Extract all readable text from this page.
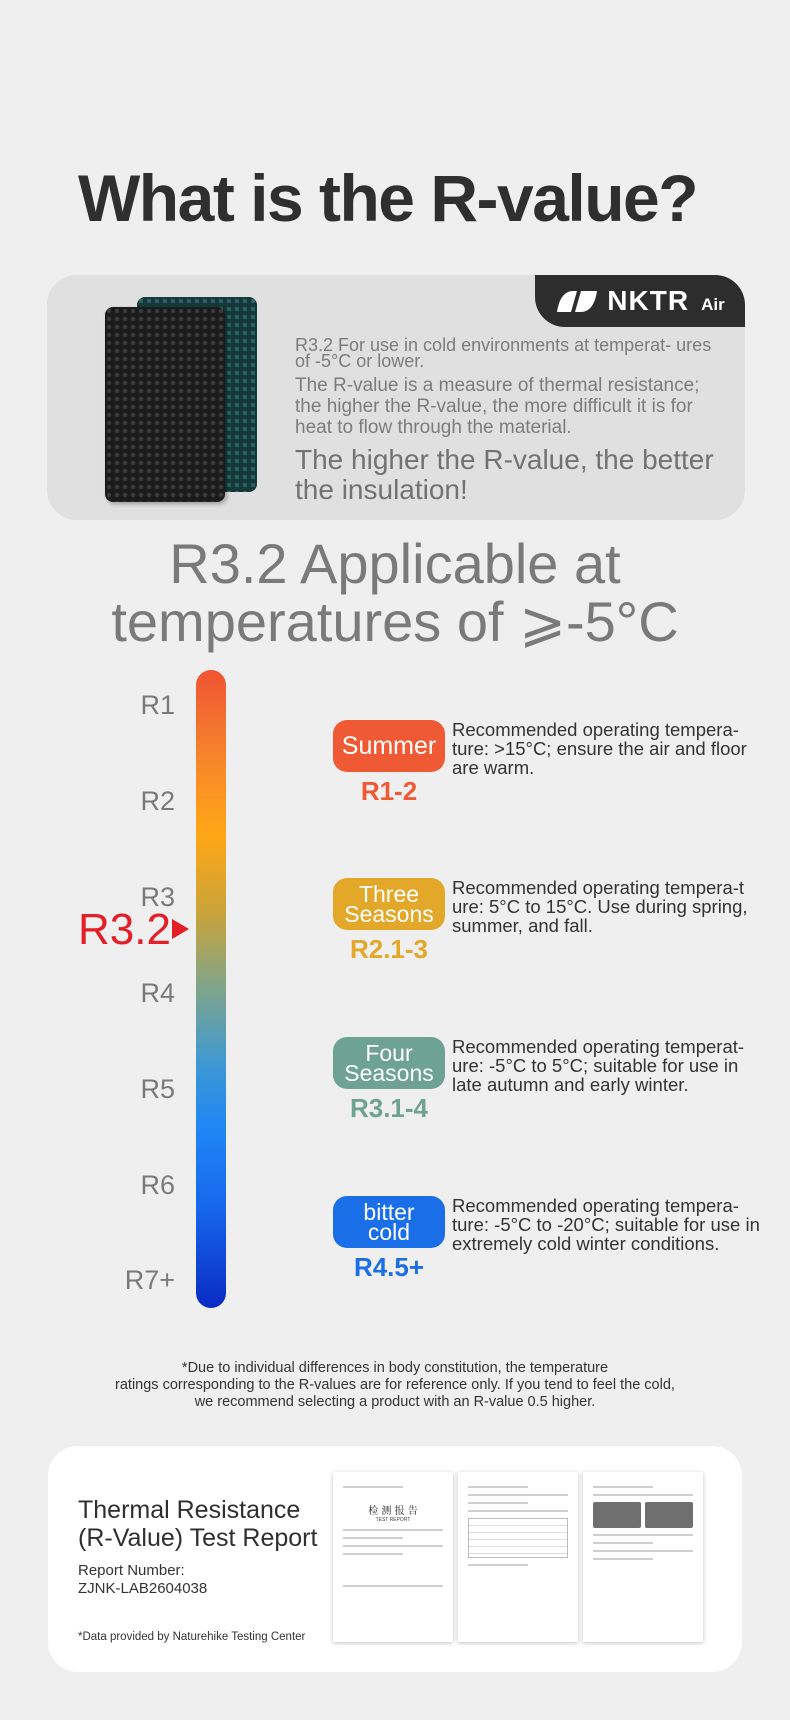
What is the R-value?
NKTR Air
R3.2 For use in cold environments at temperat- ures of -5°C or lower.
The R-value is a measure of thermal resistance; the higher the R-value, the more difficult it is for heat to flow through the material.
The higher the R-value, the better the insulation!
R3.2 Applicable at
temperatures of ⩾-5°C
R1
R2
R3
R4
R5
R6
R7+
R3.2
Summer
R1-2
Recommended operating tempera- ture: >15°C; ensure the air and floor are warm.
Three
Seasons
R2.1-3
Recommended operating tempera-t ure: 5°C to 15°C. Use during spring, summer, and fall.
Four
Seasons
R3.1-4
Recommended operating temperat- ure: -5°C to 5°C; suitable for use in late autumn and early winter.
bitter
cold
R4.5+
Recommended operating tempera- ture: -5°C to -20°C; suitable for use in extremely cold winter conditions.
*Due to individual differences in body constitution, the temperature
ratings corresponding to the R-values are for reference only. If you tend to feel the cold,
we recommend selecting a product with an R-value 0.5 higher.
Thermal Resistance
(R-Value) Test Report
Report Number:
ZJNK-LAB2604038
*Data provided by Naturehike Testing Center
检 测 报 告
TEST REPORT
